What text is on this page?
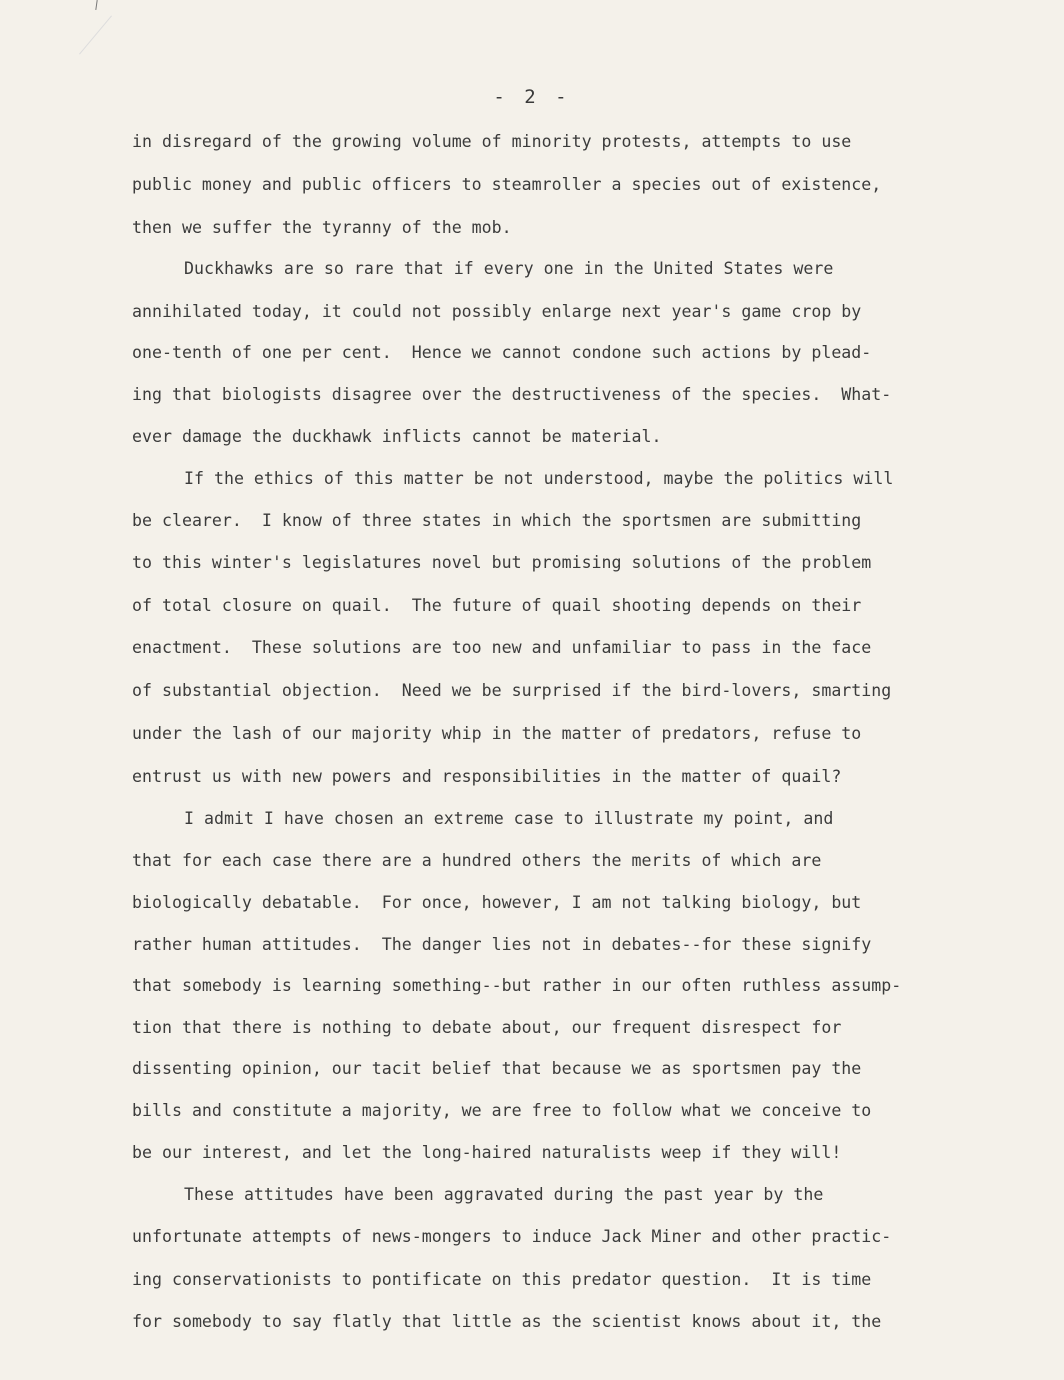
- 2 -
in disregard of the growing volume of minority protests, attempts to use
public money and public officers to steamroller a species out of existence,
then we suffer the tyranny of the mob.
Duckhawks are so rare that if every one in the United States were
annihilated today, it could not possibly enlarge next year's game crop by
one-tenth of one per cent.  Hence we cannot condone such actions by plead-
ing that biologists disagree over the destructiveness of the species.  What-
ever damage the duckhawk inflicts cannot be material.
If the ethics of this matter be not understood, maybe the politics will
be clearer.  I know of three states in which the sportsmen are submitting
to this winter's legislatures novel but promising solutions of the problem
of total closure on quail.  The future of quail shooting depends on their
enactment.  These solutions are too new and unfamiliar to pass in the face
of substantial objection.  Need we be surprised if the bird-lovers, smarting
under the lash of our majority whip in the matter of predators, refuse to
entrust us with new powers and responsibilities in the matter of quail?
I admit I have chosen an extreme case to illustrate my point, and
that for each case there are a hundred others the merits of which are
biologically debatable.  For once, however, I am not talking biology, but
rather human attitudes.  The danger lies not in debates--for these signify
that somebody is learning something--but rather in our often ruthless assump-
tion that there is nothing to debate about, our frequent disrespect for
dissenting opinion, our tacit belief that because we as sportsmen pay the
bills and constitute a majority, we are free to follow what we conceive to
be our interest, and let the long-haired naturalists weep if they will!
These attitudes have been aggravated during the past year by the
unfortunate attempts of news-mongers to induce Jack Miner and other practic-
ing conservationists to pontificate on this predator question.  It is time
for somebody to say flatly that little as the scientist knows about it, the
